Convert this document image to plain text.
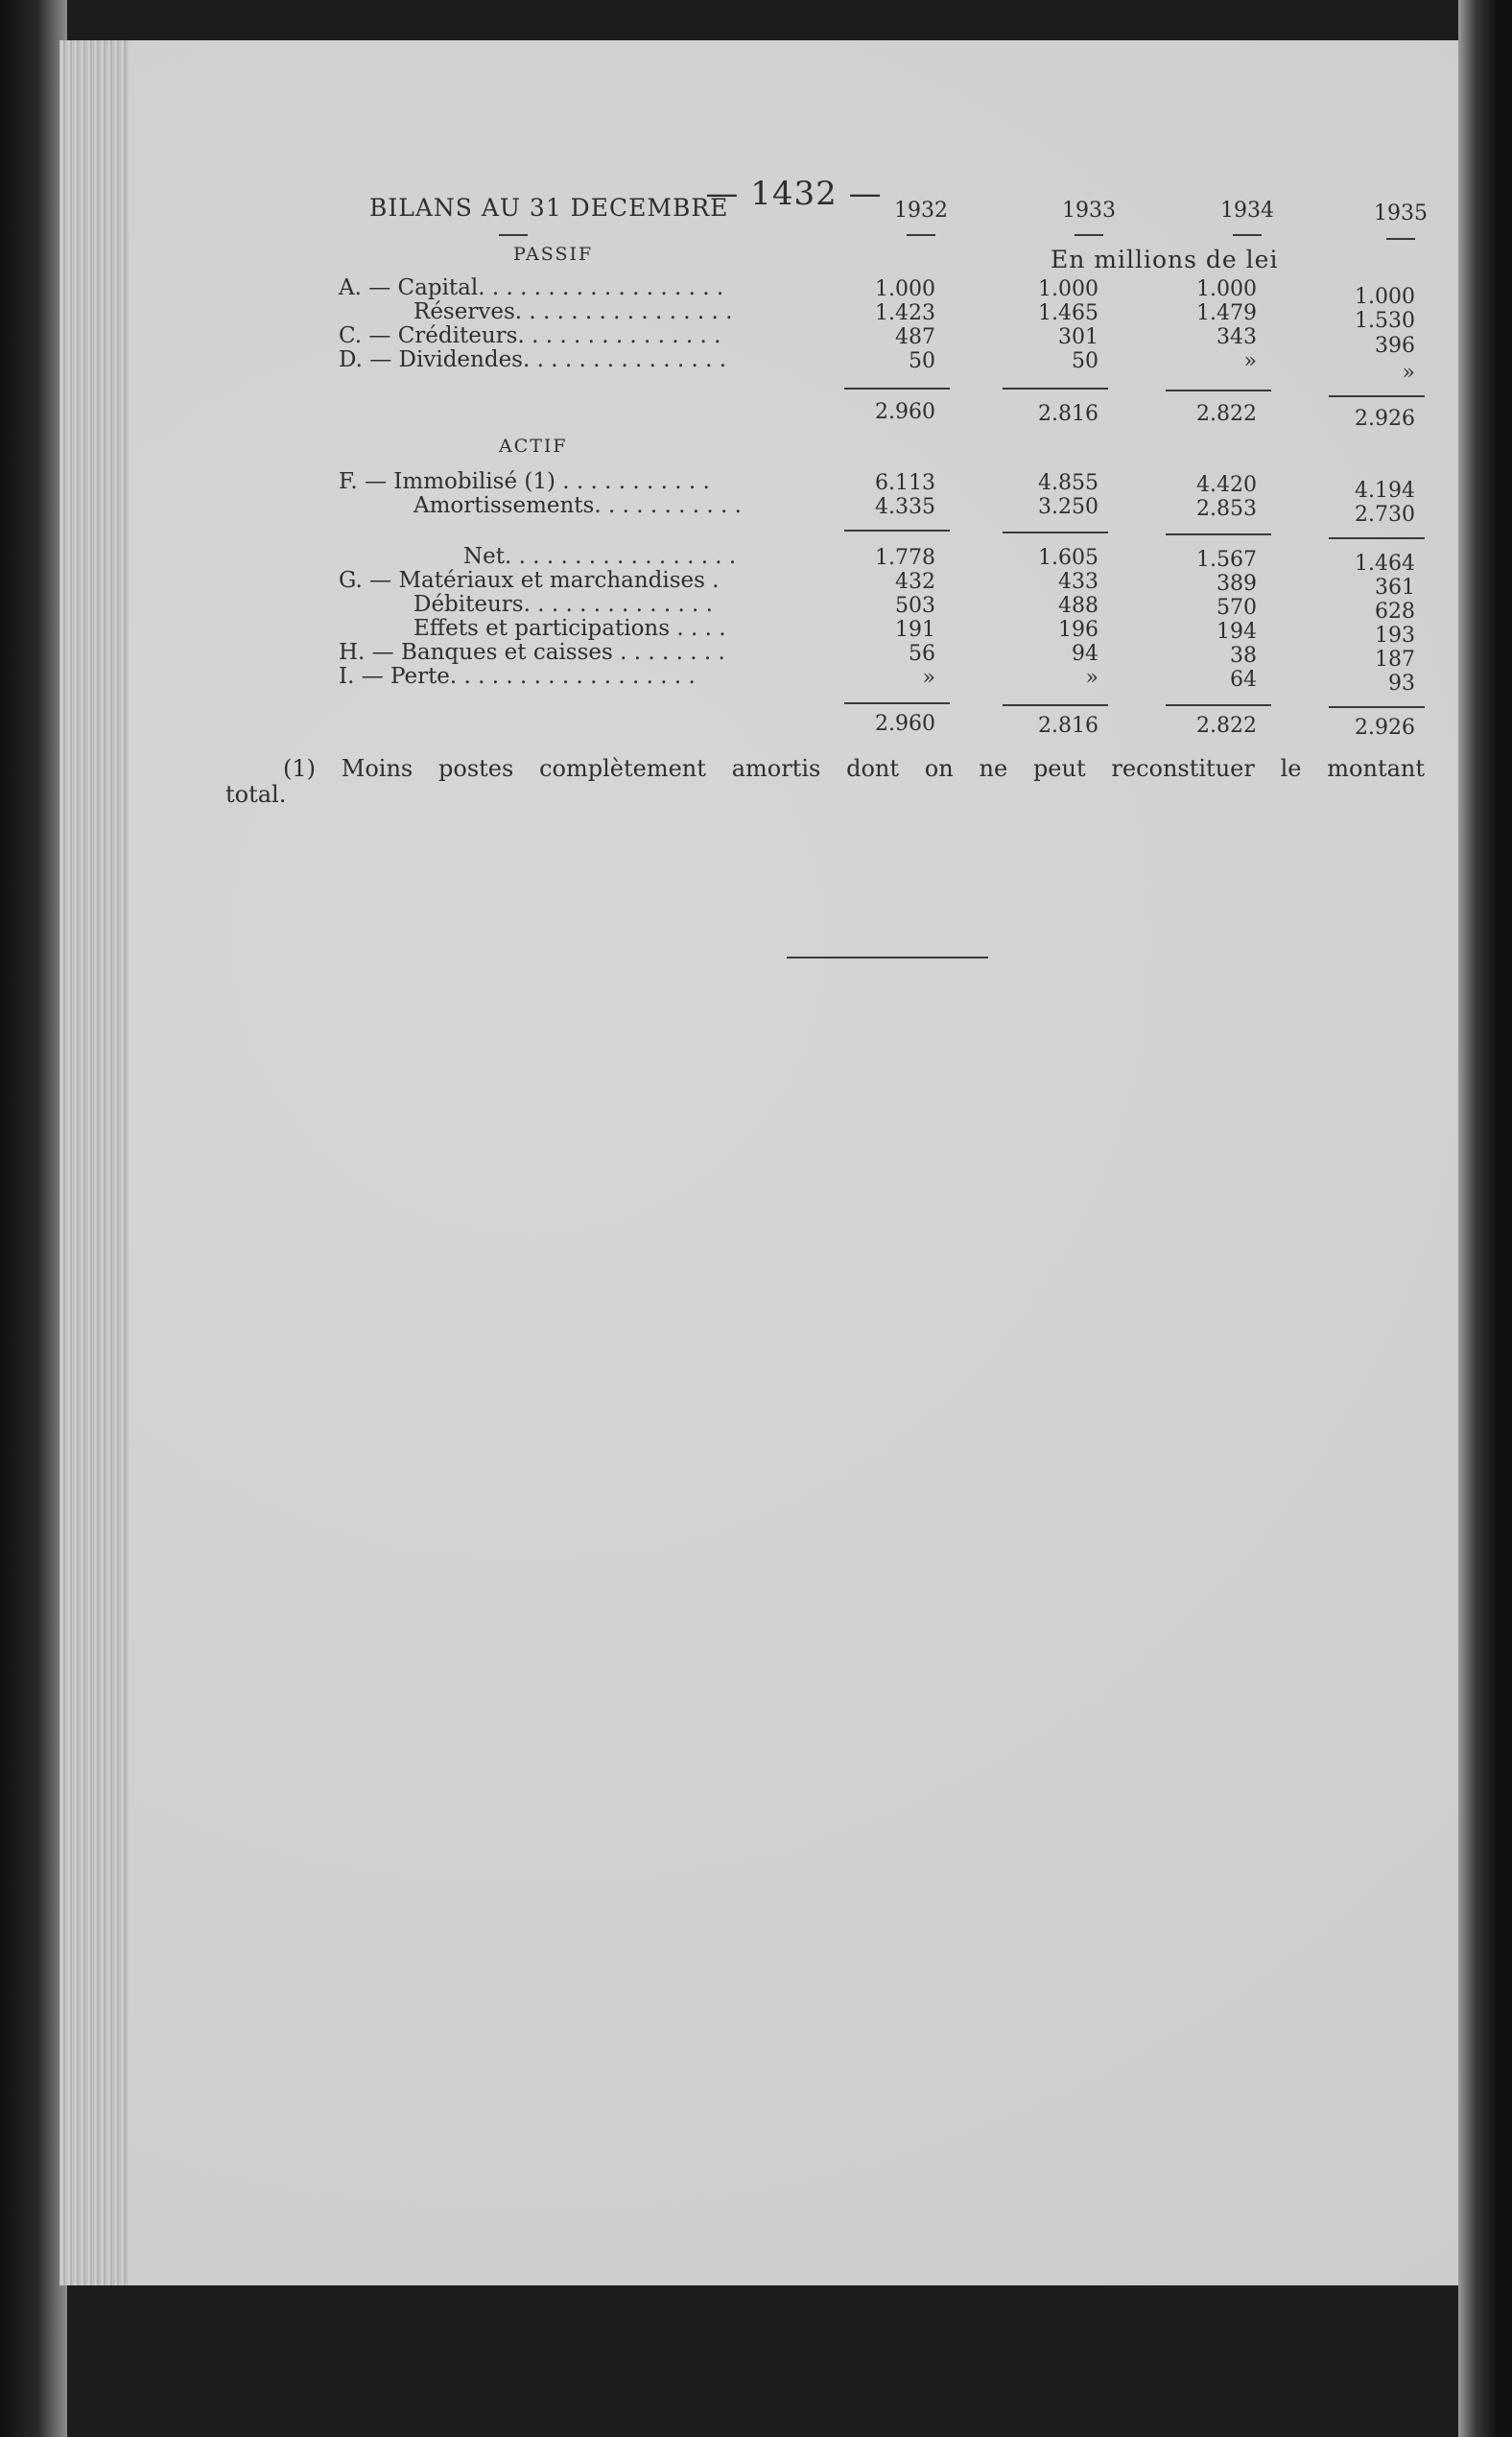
— 1432 —
BILANS AU 31 DECEMBRE	1932	1933	1934	1935
PASSIF	En millions de lei
A. — Capital. . . . . . . . . . . . . . . . . .	1.000	1.000	1.000	1.000
Réserves. . . . . . . . . . . . . . . .	1.423	1.465	1.479	1.530
C. — Créditeurs. . . . . . . . . . . . . . .	487	301	343	396
D. — Dividendes. . . . . . . . . . . . . . .	50	50	»	»
2.960	2.816	2.822	2.926
ACTIF
F. — Immobilisé (1) . . . . . . . . . . .	6.113	4.855	4.420	4.194
Amortissements. . . . . . . . . . .	4.335	3.250	2.853	2.730
Net. . . . . . . . . . . . . . . . .	1.778	1.605	1.567	1.464
G. — Matériaux et marchandises .	432	433	389	361
Débiteurs. . . . . . . . . . . . . .	503	488	570	628
Effets et participations . . . .	191	196	194	193
H. — Banques et caisses . . . . . . . .	56	94	38	187
I. — Perte. . . . . . . . . . . . . . . . . .	»	»	64	93
2.960	2.816	2.822	2.926
(1) Moins postes complètement amortis dont on ne peut reconstituer le montant
total.
